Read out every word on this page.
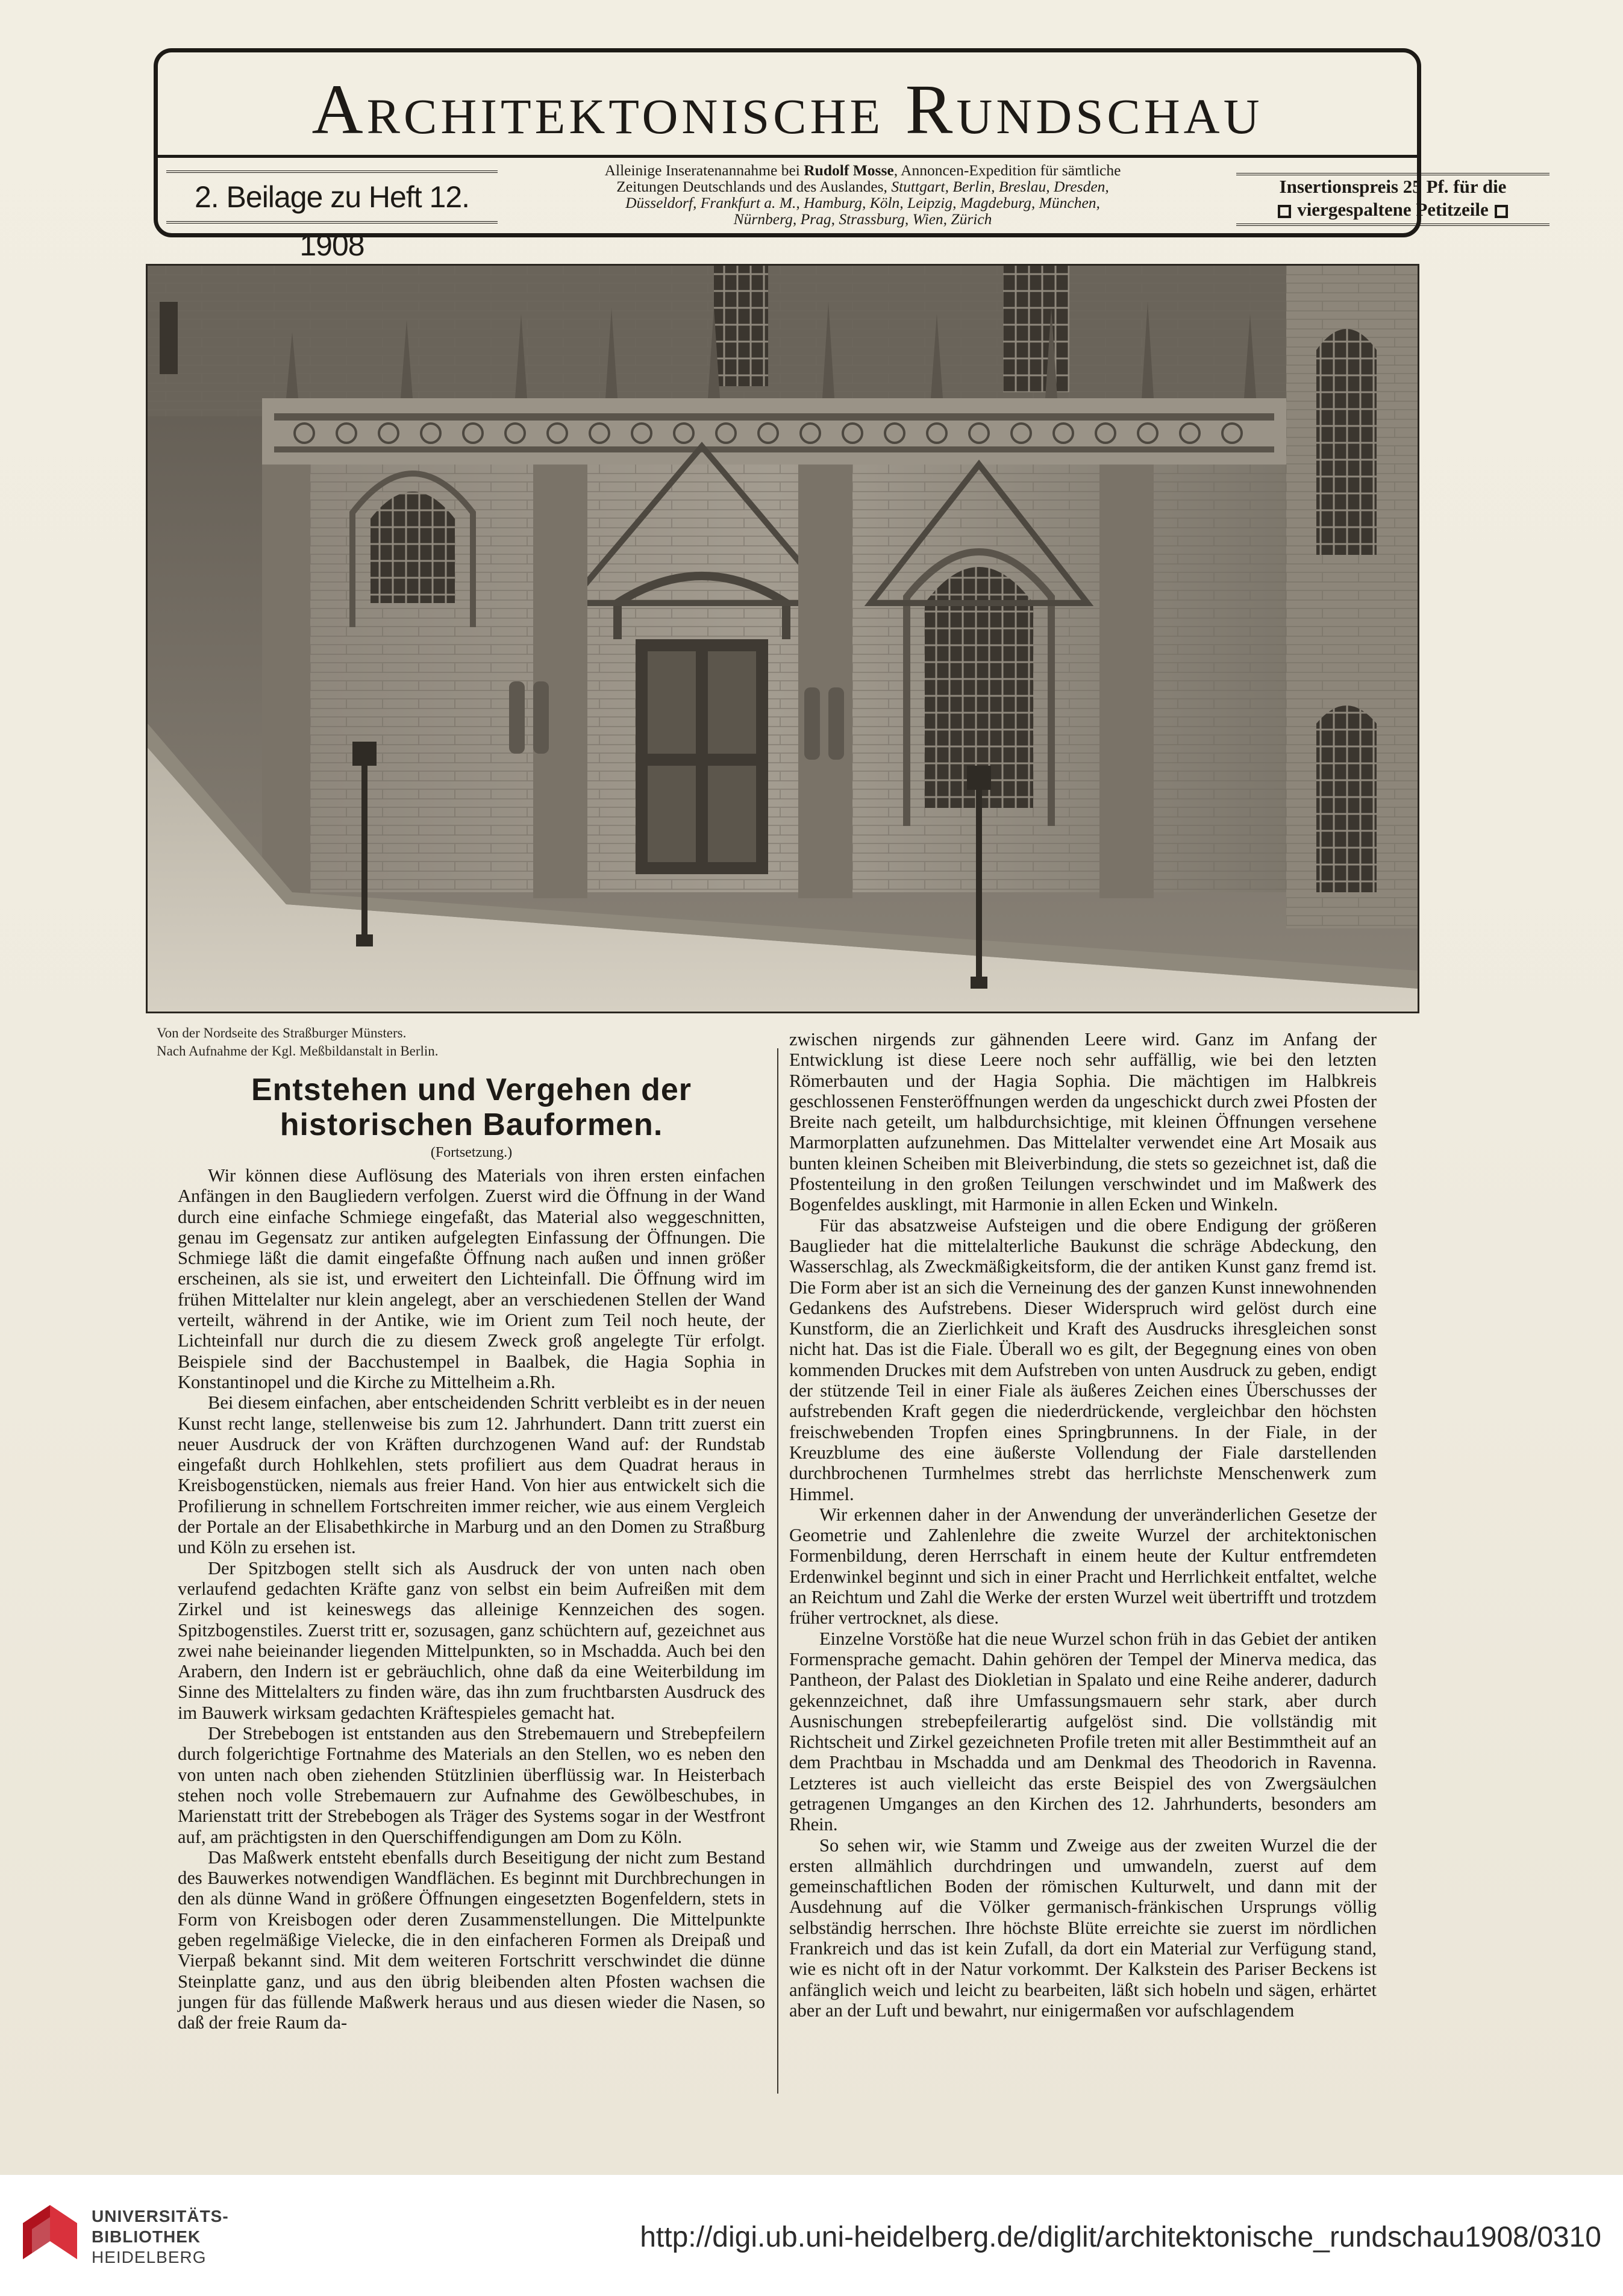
Architektonische Rundschau
2. Beilage zu Heft 12. 1908
Alleinige Inseratenannahme bei Rudolf Mosse, Annoncen-Expedition für sämtliche
Zeitungen Deutschlands und des Auslandes, Stuttgart, Berlin, Breslau, Dresden,
Düsseldorf, Frankfurt a. M., Hamburg, Köln, Leipzig, Magdeburg, München,
Nürnberg, Prag, Strassburg, Wien, Zürich
Insertionspreis 25 Pf. für die
viergespaltene Petitzeile
Von der Nordseite des Straßburger Münsters.
Nach Aufnahme der Kgl. Meßbildanstalt in Berlin.
Entstehen und Vergehen der historischen Bauformen.
(Fortsetzung.)

Wir können diese Auflösung des Materials von ihren ersten einfachen Anfängen in den Baugliedern verfolgen. Zuerst wird die Öffnung in der Wand durch eine einfache Schmiege eingefaßt, das Material also weggeschnitten, genau im Gegensatz zur antiken aufgelegten Einfassung der Öffnungen. Die Schmiege läßt die damit eingefaßte Öffnung nach außen und innen größer erscheinen, als sie ist, und erweitert den Lichteinfall. Die Öffnung wird im frühen Mittelalter nur klein angelegt, aber an verschiedenen Stellen der Wand verteilt, während in der Antike, wie im Orient zum Teil noch heute, der Lichteinfall nur durch die zu diesem Zweck groß angelegte Tür erfolgt. Beispiele sind der Bacchustempel in Baalbek, die Hagia Sophia in Konstantinopel und die Kirche zu Mittelheim a.Rh.

Bei diesem einfachen, aber entscheidenden Schritt verbleibt es in der neuen Kunst recht lange, stellenweise bis zum 12. Jahrhundert. Dann tritt zuerst ein neuer Ausdruck der von Kräften durchzogenen Wand auf: der Rundstab eingefaßt durch Hohlkehlen, stets profiliert aus dem Quadrat heraus in Kreisbogenstücken, niemals aus freier Hand. Von hier aus entwickelt sich die Profilierung in schnellem Fortschreiten immer reicher, wie aus einem Vergleich der Portale an der Elisabethkirche in Marburg und an den Domen zu Straßburg und Köln zu ersehen ist.

Der Spitzbogen stellt sich als Ausdruck der von unten nach oben verlaufend gedachten Kräfte ganz von selbst ein beim Aufreißen mit dem Zirkel und ist keineswegs das alleinige Kennzeichen des sogen. Spitzbogenstiles. Zuerst tritt er, sozusagen, ganz schüchtern auf, gezeichnet aus zwei nahe beieinander liegenden Mittelpunkten, so in Mschadda. Auch bei den Arabern, den Indern ist er gebräuchlich, ohne daß da eine Weiterbildung im Sinne des Mittelalters zu finden wäre, das ihn zum fruchtbarsten Ausdruck des im Bauwerk wirksam gedachten Kräftespieles gemacht hat.

Der Strebebogen ist entstanden aus den Strebemauern und Strebepfeilern durch folgerichtige Fortnahme des Materials an den Stellen, wo es neben den von unten nach oben ziehenden Stützlinien überflüssig war. In Heisterbach stehen noch volle Strebemauern zur Aufnahme des Gewölbeschubes, in Marienstatt tritt der Strebebogen als Träger des Systems sogar in der Westfront auf, am prächtigsten in den Querschiffendigungen am Dom zu Köln.

Das Maßwerk entsteht ebenfalls durch Beseitigung der nicht zum Bestand des Bauwerkes notwendigen Wandflächen. Es beginnt mit Durchbrechungen in den als dünne Wand in größere Öffnungen eingesetzten Bogenfeldern, stets in Form von Kreisbogen oder deren Zusammenstellungen. Die Mittelpunkte geben regelmäßige Vielecke, die in den einfacheren Formen als Dreipaß und Vierpaß bekannt sind. Mit dem weiteren Fortschritt verschwindet die dünne Steinplatte ganz, und aus den übrig bleibenden alten Pfosten wachsen die jungen für das füllende Maßwerk heraus und aus diesen wieder die Nasen, so daß der freie Raum da-

zwischen nirgends zur gähnenden Leere wird. Ganz im Anfang der Entwicklung ist diese Leere noch sehr auffällig, wie bei den letzten Römerbauten und der Hagia Sophia. Die mächtigen im Halbkreis geschlossenen Fensteröffnungen werden da ungeschickt durch zwei Pfosten der Breite nach geteilt, um halbdurchsichtige, mit kleinen Öffnungen versehene Marmorplatten aufzunehmen. Das Mittelalter verwendet eine Art Mosaik aus bunten kleinen Scheiben mit Bleiverbindung, die stets so gezeichnet ist, daß die Pfostenteilung in den großen Teilungen verschwindet und im Maßwerk des Bogenfeldes ausklingt, mit Harmonie in allen Ecken und Winkeln.

Für das absatzweise Aufsteigen und die obere Endigung der größeren Bauglieder hat die mittelalterliche Baukunst die schräge Abdeckung, den Wasserschlag, als Zweckmäßigkeitsform, die der antiken Kunst ganz fremd ist. Die Form aber ist an sich die Verneinung des der ganzen Kunst innewohnenden Gedankens des Aufstrebens. Dieser Widerspruch wird gelöst durch eine Kunstform, die an Zierlichkeit und Kraft des Ausdrucks ihresgleichen sonst nicht hat. Das ist die Fiale. Überall wo es gilt, der Begegnung eines von oben kommenden Druckes mit dem Aufstreben von unten Ausdruck zu geben, endigt der stützende Teil in einer Fiale als äußeres Zeichen eines Überschusses der aufstrebenden Kraft gegen die niederdrückende, vergleichbar den höchsten freischwebenden Tropfen eines Springbrunnens. In der Fiale, in der Kreuzblume des eine äußerste Vollendung der Fiale darstellenden durchbrochenen Turmhelmes strebt das herrlichste Menschenwerk zum Himmel.

Wir erkennen daher in der Anwendung der unveränderlichen Gesetze der Geometrie und Zahlenlehre die zweite Wurzel der architektonischen Formenbildung, deren Herrschaft in einem heute der Kultur entfremdeten Erdenwinkel beginnt und sich in einer Pracht und Herrlichkeit entfaltet, welche an Reichtum und Zahl die Werke der ersten Wurzel weit übertrifft und trotzdem früher vertrocknet, als diese.

Einzelne Vorstöße hat die neue Wurzel schon früh in das Gebiet der antiken Formensprache gemacht. Dahin gehören der Tempel der Minerva medica, das Pantheon, der Palast des Diokletian in Spalato und eine Reihe anderer, dadurch gekennzeichnet, daß ihre Umfassungsmauern sehr stark, aber durch Ausnischungen strebepfeilerartig aufgelöst sind. Die vollständig mit Richtscheit und Zirkel gezeichneten Profile treten mit aller Bestimmtheit auf an dem Prachtbau in Mschadda und am Denkmal des Theodorich in Ravenna. Letzteres ist auch vielleicht das erste Beispiel des von Zwergsäulchen getragenen Umganges an den Kirchen des 12. Jahrhunderts, besonders am Rhein.

So sehen wir, wie Stamm und Zweige aus der zweiten Wurzel die der ersten allmählich durchdringen und umwandeln, zuerst auf dem gemeinschaftlichen Boden der römischen Kulturwelt, und dann mit der Ausdehnung auf die Völker germanisch-fränkischen Ursprungs völlig selbständig herrschen. Ihre höchste Blüte erreichte sie zuerst im nördlichen Frankreich und das ist kein Zufall, da dort ein Material zur Verfügung stand, wie es nicht oft in der Natur vorkommt. Der Kalkstein des Pariser Beckens ist anfänglich weich und leicht zu bearbeiten, läßt sich hobeln und sägen, erhärtet aber an der Luft und bewahrt, nur einigermaßen vor aufschlagendem

UNIVERSITÄTS-
BIBLIOTHEK
HEIDELBERG
http://digi.ub.uni-heidelberg.de/diglit/architektonische_rundschau1908/0310
